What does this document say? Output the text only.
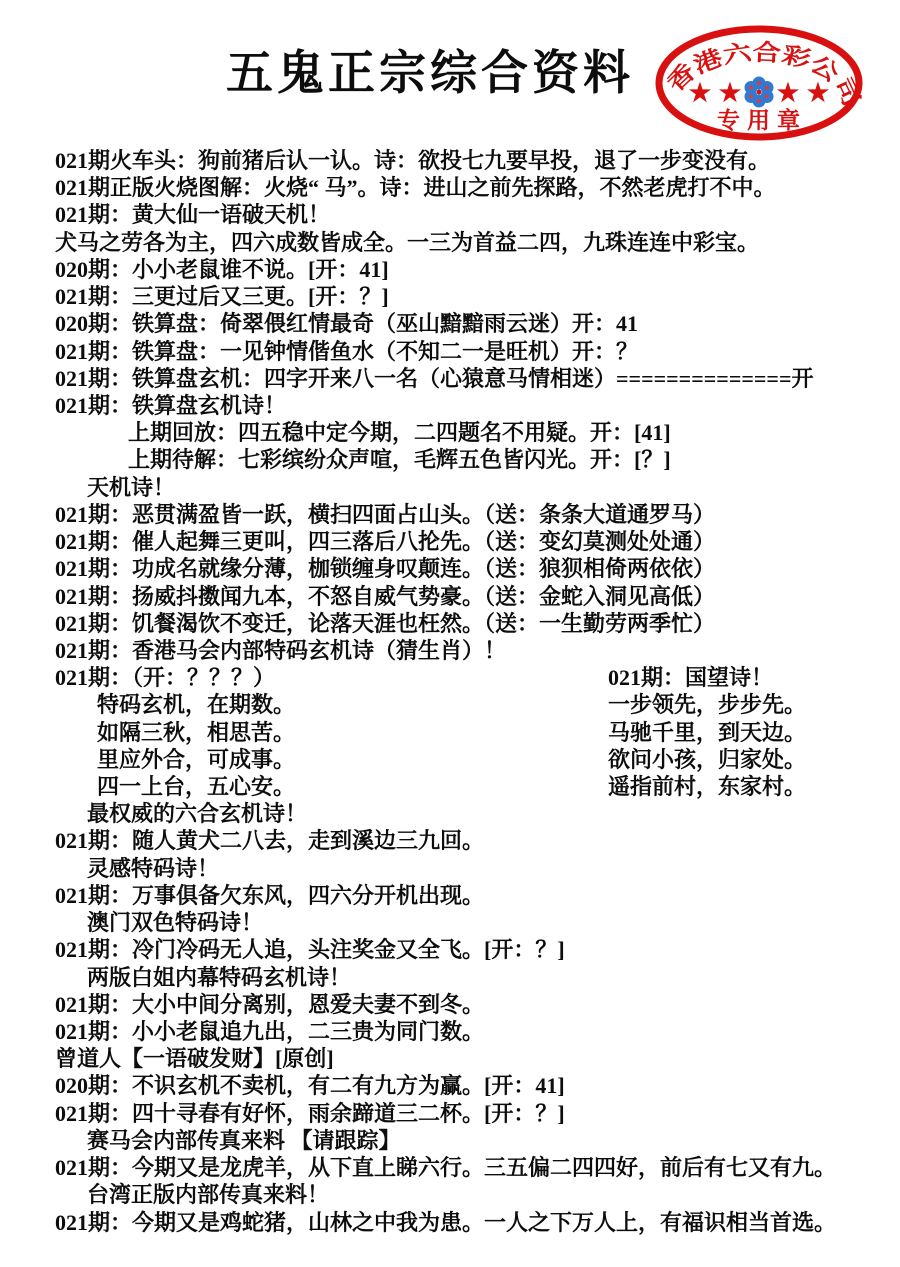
五鬼正宗综合资料	香港六合彩公司
★ ★ ★ ★
专用章
021期火车头：狗前猪后认一认。诗：欲投七九要早投，退了一步变没有。
021期正版火烧图解：火烧“ 马”。诗：进山之前先探路，不然老虎打不中。
021期：黄大仙一语破天机！
犬马之劳各为主，四六成数皆成全。一三为首益二四，九珠连连中彩宝。
020期：小小老鼠谁不说。[开：41]
021期：三更过后又三更。[开：？]
020期：铁算盘：倚翠偎红情最奇（巫山黯黯雨云迷）开：41
021期：铁算盘：一见钟情偕鱼水（不知二一是旺机）开：？
021期：铁算盘玄机：四字开来八一名（心猿意马情相迷）==============开
021期：铁算盘玄机诗！
上期回放：四五稳中定今期，二四题名不用疑。开：[41]
上期待解：七彩缤纷众声喧，毛辉五色皆闪光。开：[？]
天机诗！
021期：恶贯满盈皆一跃，横扫四面占山头。（送：条条大道通罗马）
021期：催人起舞三更叫，四三落后八抡先。（送：变幻莫测处处通）
021期：功成名就缘分薄，枷锁缠身叹颠连。（送：狼狈相倚两依依）
021期：扬威抖擞闻九本，不怒自威气势豪。（送：金蛇入洞见高低）
021期：饥餐渴饮不变迁，论落天涯也枉然。（送：一生勤劳两季忙）
021期：香港马会内部特码玄机诗（猜生肖）！
021期：（开：？？？）	021期：国望诗！
特码玄机，在期数。	一步领先，步步先。
如隔三秋，相思苦。	马驰千里，到天边。
里应外合，可成事。	欲问小孩，归家处。
四一上台，五心安。	遥指前村，东家村。
最权威的六合玄机诗！
021期：随人黄犬二八去，走到溪边三九回。
灵感特码诗！
021期：万事俱备欠东风，四六分开机出现。
澳门双色特码诗！
021期：冷门冷码无人追，头注奖金又全飞。[开：？]
两版白姐内幕特码玄机诗！
021期：大小中间分离别，恩爱夫妻不到冬。
021期：小小老鼠追九出，二三贵为同门数。
曾道人【一语破发财】[原创]
020期：不识玄机不卖机，有二有九方为赢。[开：41]
021期：四十寻春有好怀，雨余蹄道三二杯。[开：？]
赛马会内部传真来料 【请跟踪】
021期：今期又是龙虎羊，从下直上睇六行。三五偏二四四好，前后有七又有九。
台湾正版内部传真来料！
021期：今期又是鸡蛇猪，山林之中我为患。一人之下万人上，有福识相当首选。
